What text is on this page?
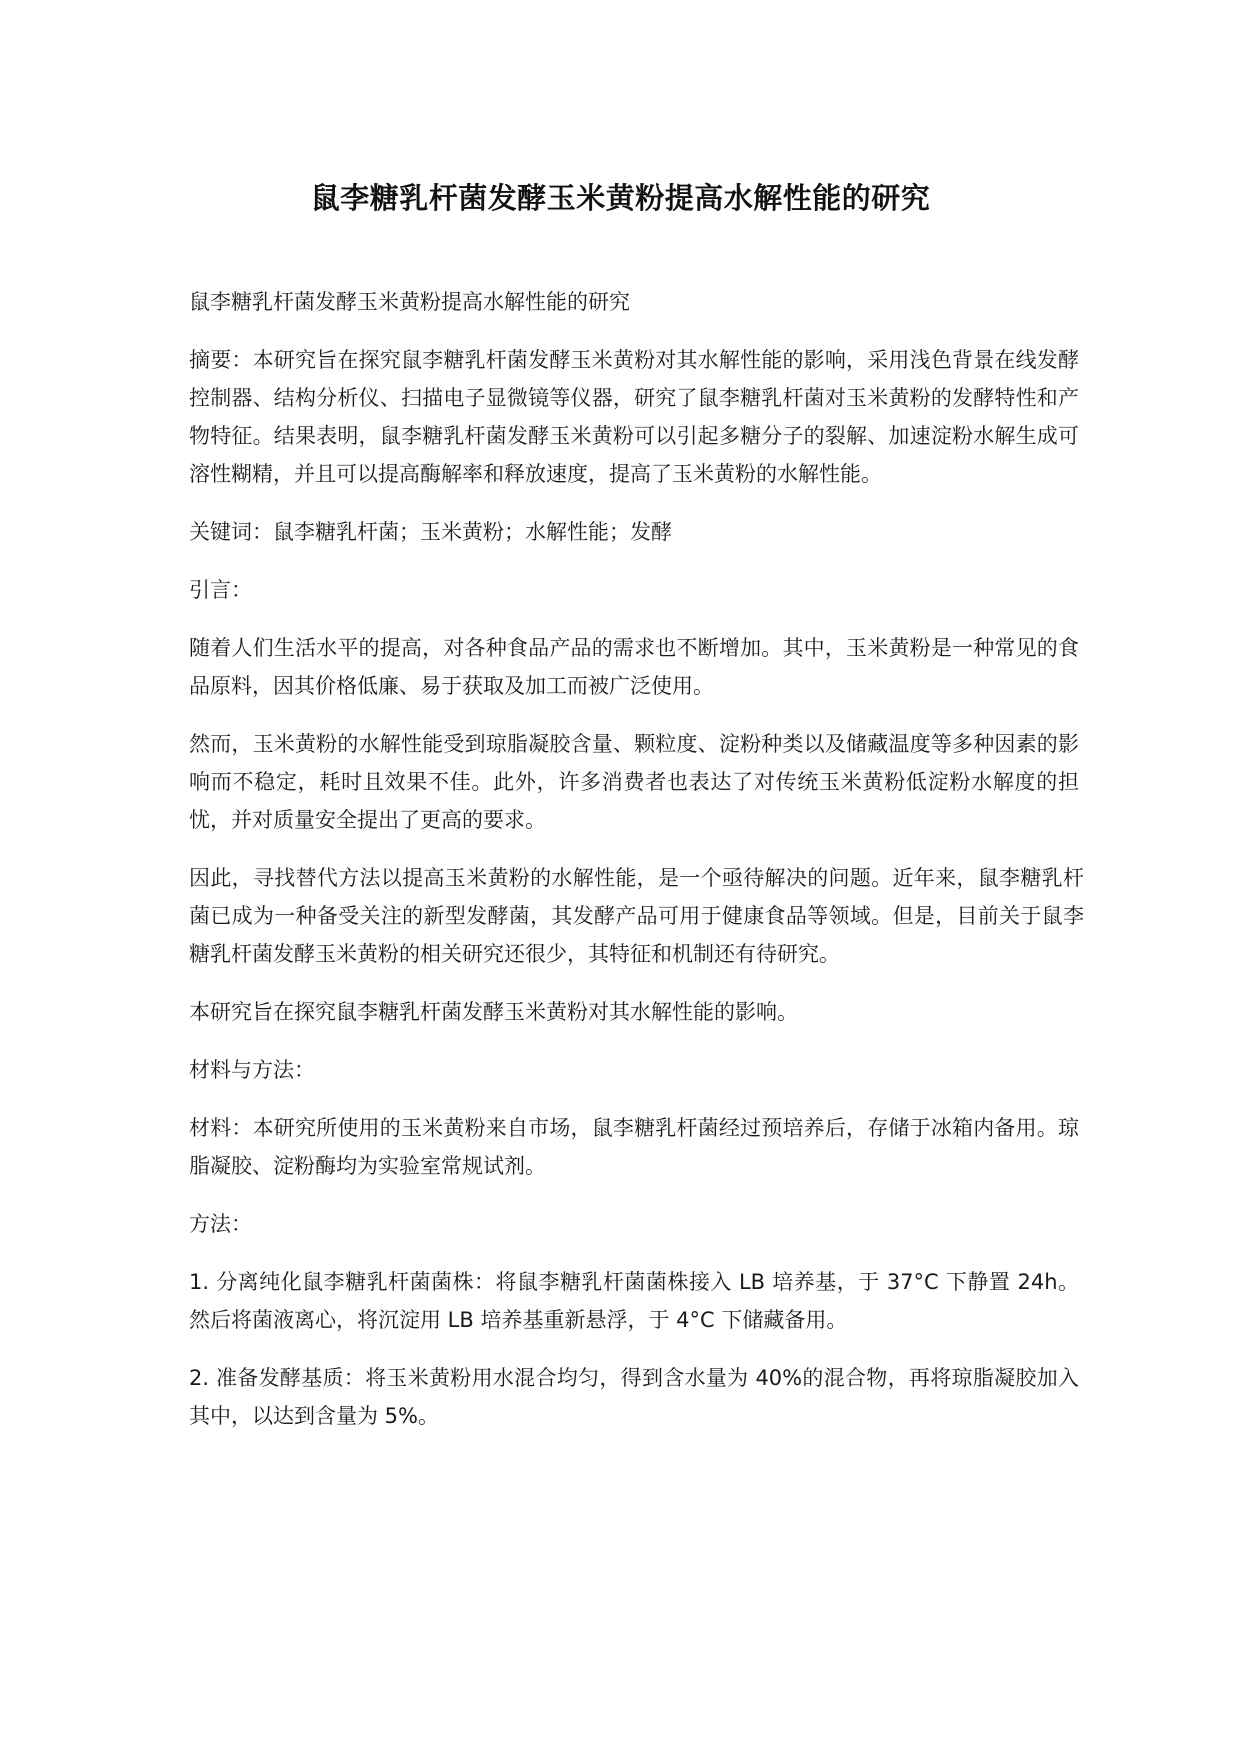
鼠李糖乳杆菌发酵玉米黄粉提高水解性能的研究

鼠李糖乳杆菌发酵玉米黄粉提高水解性能的研究

摘要：本研究旨在探究鼠李糖乳杆菌发酵玉米黄粉对其水解性能的影响，采用浅色背景在线发酵控制器、结构分析仪、扫描电子显微镜等仪器，研究了鼠李糖乳杆菌对玉米黄粉的发酵特性和产物特征。结果表明，鼠李糖乳杆菌发酵玉米黄粉可以引起多糖分子的裂解、加速淀粉水解生成可溶性糊精，并且可以提高酶解率和释放速度，提高了玉米黄粉的水解性能。

关键词：鼠李糖乳杆菌；玉米黄粉；水解性能；发酵

引言：

随着人们生活水平的提高，对各种食品产品的需求也不断增加。其中，玉米黄粉是一种常见的食品原料，因其价格低廉、易于获取及加工而被广泛使用。

然而，玉米黄粉的水解性能受到琼脂凝胶含量、颗粒度、淀粉种类以及储藏温度等多种因素的影响而不稳定，耗时且效果不佳。此外，许多消费者也表达了对传统玉米黄粉低淀粉水解度的担忧，并对质量安全提出了更高的要求。

因此，寻找替代方法以提高玉米黄粉的水解性能，是一个亟待解决的问题。近年来，鼠李糖乳杆菌已成为一种备受关注的新型发酵菌，其发酵产品可用于健康食品等领域。但是，目前关于鼠李糖乳杆菌发酵玉米黄粉的相关研究还很少，其特征和机制还有待研究。

本研究旨在探究鼠李糖乳杆菌发酵玉米黄粉对其水解性能的影响。

材料与方法：

材料：本研究所使用的玉米黄粉来自市场，鼠李糖乳杆菌经过预培养后，存储于冰箱内备用。琼脂凝胶、淀粉酶均为实验室常规试剂。

方法：

1. 分离纯化鼠李糖乳杆菌菌株：将鼠李糖乳杆菌菌株接入 LB 培养基，于 37°C 下静置 24h。然后将菌液离心，将沉淀用 LB 培养基重新悬浮，于 4°C 下储藏备用。

2. 准备发酵基质：将玉米黄粉用水混合均匀，得到含水量为 40%的混合物，再将琼脂凝胶加入其中，以达到含量为 5%。
